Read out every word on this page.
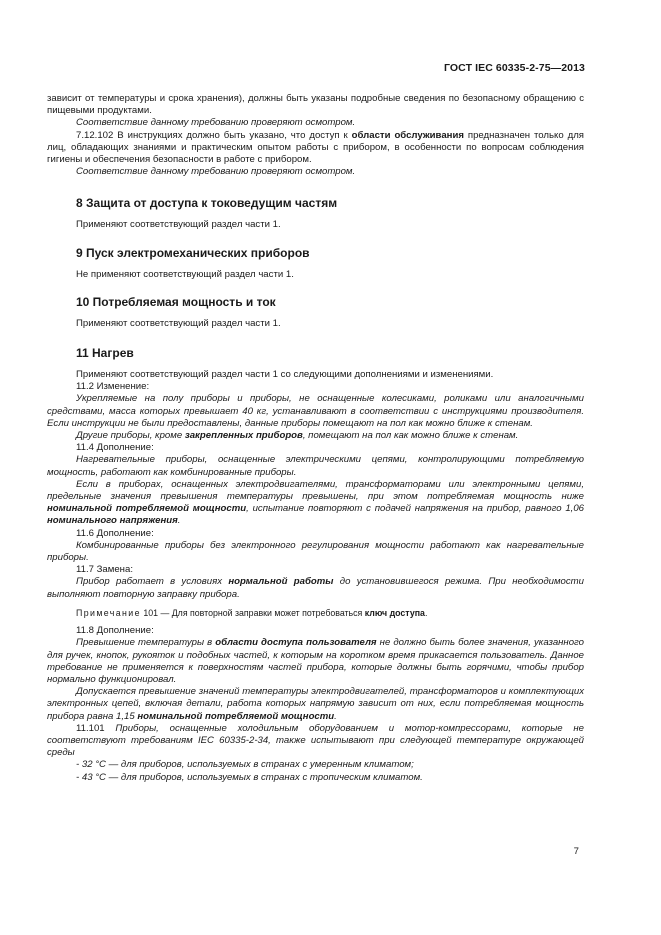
ГОСТ IEC 60335-2-75—2013

зависит от температуры и срока хранения), должны быть указаны подробные сведения по безопасному обращению с пищевыми продуктами.

Соответствие данному требованию проверяют осмотром.

7.12.102 В инструкциях должно быть указано, что доступ к области обслуживания предназначен только для лиц, обладающих знаниями и практическим опытом работы с прибором, в особенности по вопросам соблюдения гигиены и обеспечения безопасности в работе с прибором.

Соответствие данному требованию проверяют осмотром.

8 Защита от доступа к токоведущим частям

Применяют соответствующий раздел части 1.

9 Пуск электромеханических приборов

Не применяют соответствующий раздел части 1.

10 Потребляемая мощность и ток

Применяют соответствующий раздел части 1.

11 Нагрев

Применяют соответствующий раздел части 1 со следующими дополнениями и изменениями.

11.2 Изменение:

Укрепляемые на полу приборы и приборы, не оснащенные колесиками, роликами или аналогичными средствами, масса которых превышает 40 кг, устанавливают в соответствии с инструкциями производителя. Если инструкции не были предоставлены, данные приборы помещают на пол как можно ближе к стенам.

Другие приборы, кроме закрепленных приборов, помещают на пол как можно ближе к стенам.

11.4 Дополнение:

Нагревательные приборы, оснащенные электрическими цепями, контролирующими потребляемую мощность, работают как комбинированные приборы.

Если в приборах, оснащенных электродвигателями, трансформаторами или электронными цепями, предельные значения превышения температуры превышены, при этом потребляемая мощность ниже номинальной потребляемой мощности, испытание повторяют с подачей напряжения на прибор, равного 1,06 номинального напряжения.

11.6 Дополнение:

Комбинированные приборы без электронного регулирования мощности работают как нагревательные приборы.

11.7 Замена:

Прибор работает в условиях нормальной работы до установившегося режима. При необходимости выполняют повторную заправку прибора.

Примечание 101 — Для повторной заправки может потребоваться ключ доступа.

11.8 Дополнение:

Превышение температуры в области доступа пользователя не должно быть более значения, указанного для ручек, кнопок, рукояток и подобных частей, к которым на коротком время прикасается пользователь. Данное требование не применяется к поверхностям частей прибора, которые должны быть горячими, чтобы прибор нормально функционировал.

Допускается превышение значений температуры электродвигателей, трансформаторов и комплектующих электронных цепей, включая детали, работа которых напрямую зависит от них, если потребляемая мощность прибора равна 1,15 номинальной потребляемой мощности.

11.101 Приборы, оснащенные холодильным оборудованием и мотор-компрессорами, которые не соответствуют требованиям IEC 60335-2-34, также испытывают при следующей температуре окружающей среды

- 32 °С — для приборов, используемых в странах с умеренным климатом;

- 43 °С — для приборов, используемых в странах с тропическим климатом.

7
